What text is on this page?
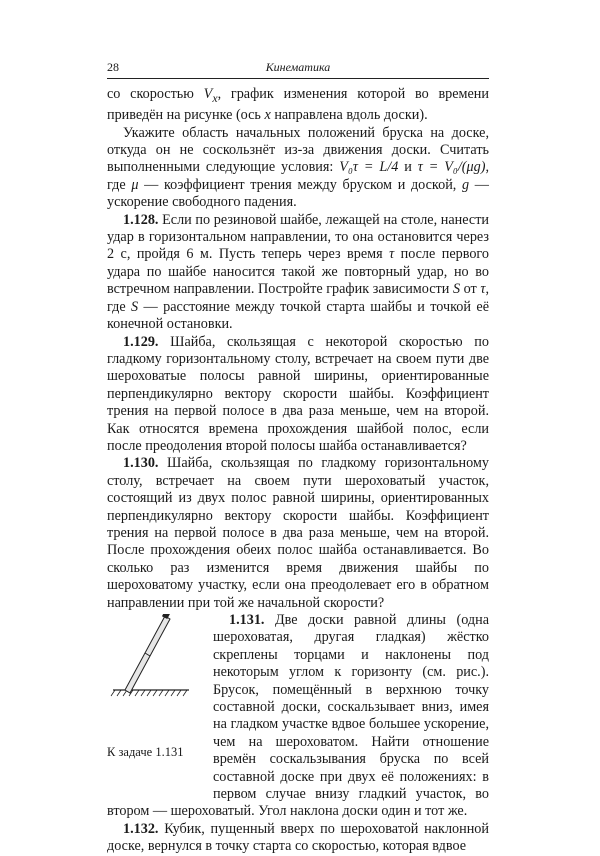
28	Кинематика

со скоростью $V_x$, график изменения которой во времени приведён на рисунке (ось x направлена вдоль доски).

Укажите область начальных положений бруска на доске, откуда он не соскользнёт из-за движения доски. Считать выполненными следующие условия: V₀τ = L/4 и τ = V₀/(μg), где μ — коэффициент трения между бруском и доской, g — ускорение свободного падения.

1.128. Если по резиновой шайбе, лежащей на столе, нанести удар в горизонтальном направлении, то она остановится через 2 с, пройдя 6 м. Пусть теперь через время τ после первого удара по шайбе наносится такой же повторный удар, но во встречном направлении. Постройте график зависимости S от τ, где S — расстояние между точкой старта шайбы и точкой её конечной остановки.

1.129. Шайба, скользящая с некоторой скоростью по гладкому горизонтальному столу, встречает на своем пути две шероховатые полосы равной ширины, ориентированные перпендикулярно вектору скорости шайбы. Коэффициент трения на первой полосе в два раза меньше, чем на второй. Как относятся времена прохождения шайбой полос, если после преодоления второй полосы шайба останавливается?

1.130. Шайба, скользящая по гладкому горизонтальному столу, встречает на своем пути шероховатый участок, состоящий из двух полос равной ширины, ориентированных перпендикулярно вектору скорости шайбы. Коэффициент трения на первой полосе в два раза меньше, чем на второй. После прохождения обеих полос шайба останавливается. Во сколько раз изменится время движения шайбы по шероховатому участку, если она преодолевает его в обратном направлении при той же начальной скорости?

К задаче 1.131

1.131. Две доски равной длины (одна шероховатая, другая гладкая) жёстко скреплены торцами и наклонены под некоторым углом к горизонту (см. рис.). Брусок, помещённый в верхнюю точку составной доски, соскальзывает вниз, имея на гладком участке вдвое большее ускорение, чем на шероховатом. Найти отношение времён соскальзывания бруска по всей составной доске при двух её положениях: в первом случае внизу гладкий участок, во втором — шероховатый. Угол наклона доски один и тот же.

1.132. Кубик, пущенный вверх по шероховатой наклонной доске, вернулся в точку старта со скоростью, которая вдвое
